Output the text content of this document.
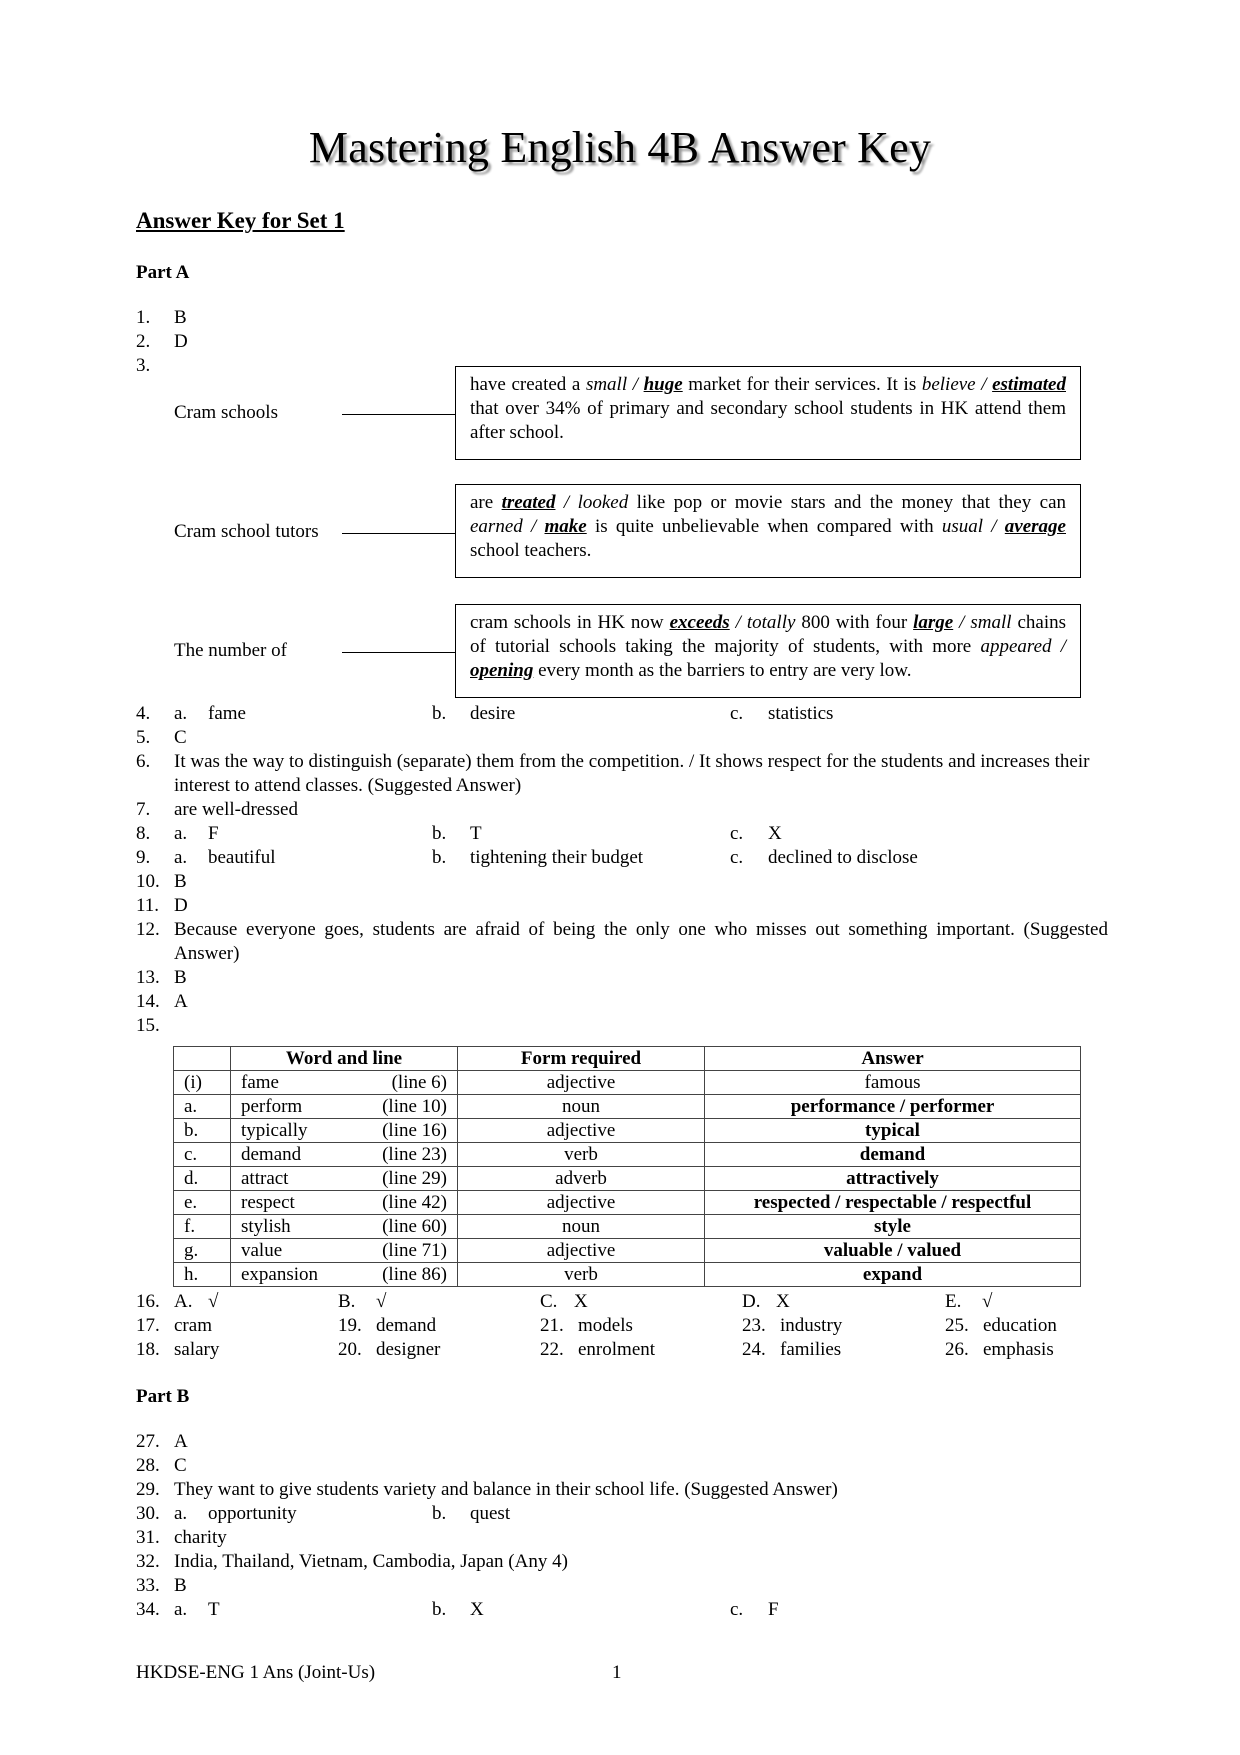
Mastering English 4B Answer Key
Answer Key for Set 1
Part A
1. B
2. D
3.
Cram schools
have created a small / huge market for their services. It is believe / estimated that over 34% of primary and secondary school students in HK attend them after school.
Cram school tutors
are treated / looked like pop or movie stars and the money that they can earned / make is quite unbelievable when compared with usual / average school teachers.
The number of
cram schools in HK now exceeds / totally 800 with four large / small chains of tutorial schools taking the majority of students, with more appeared / opening every month as the barriers to entry are very low.
4. a. fame	b. desire	c. statistics
5. C
6.	It was the way to distinguish (separate) them from the competition. / It shows respect for the students and increases their interest to attend classes. (Suggested Answer)
7. are well-dressed
8. a. F	b. T	c. X
9. a. beautiful	b. tightening their budget	c. declined to disclose
10. B
11. D
12. Because everyone goes, students are afraid of being the only one who misses out something important. (Suggested Answer)
13. B
14. A
15.
	Word and line	Form required	Answer
(i)	fame (line 6)	adjective	famous
a.	perform (line 10)	noun	performance / performer
b.	typically (line 16)	adjective	typical
c.	demand (line 23)	verb	demand
d.	attract (line 29)	adverb	attractively
e.	respect (line 42)	adjective	respected / respectable / respectful
f.	stylish (line 60)	noun	style
g.	value (line 71)	adjective	valuable / valued
h.	expansion (line 86)	verb	expand
16. A. √	B. √	C. X	D. X	E. √
17. cram	19. demand	21. models	23. industry	25. education
18. salary	20. designer	22. enrolment	24. families	26. emphasis
Part B
27. A
28. C
29. They want to give students variety and balance in their school life. (Suggested Answer)
30. a. opportunity	b. quest
31. charity
32. India, Thailand, Vietnam, Cambodia, Japan (Any 4)
33. B
34. a. T	b. X	c. F
HKDSE-ENG 1 Ans (Joint-Us)	1
